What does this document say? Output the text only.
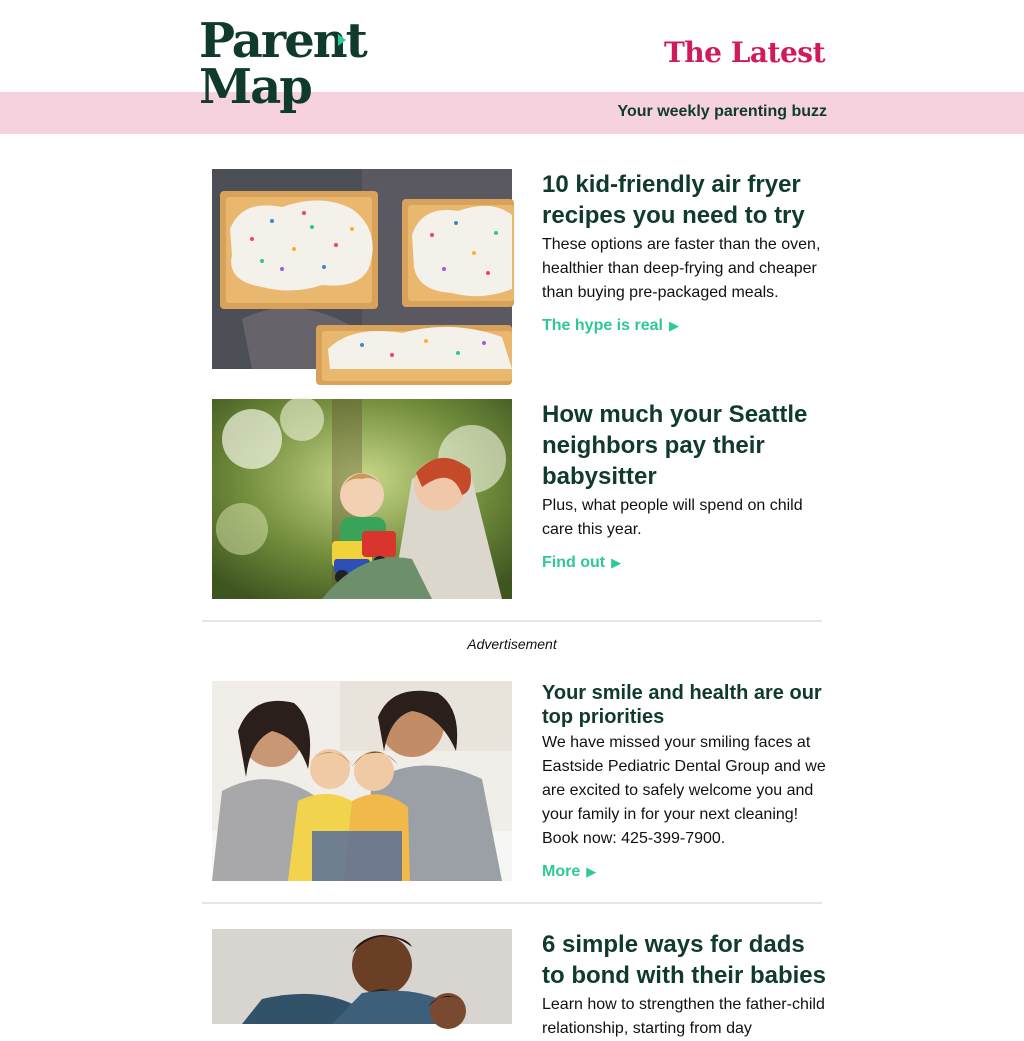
Parent
Map
The Latest
Your weekly parenting buzz
10 kid-friendly air fryer recipes you need to try
These options are faster than the oven, healthier than deep-frying and cheaper than buying pre-packaged meals.
The hype is real ▶
How much your Seattle neighbors pay their babysitter
Plus, what people will spend on child care this year.
Find out ▶
Advertisement
Your smile and health are our top priorities
We have missed your smiling faces at Eastside Pediatric Dental Group and we are excited to safely welcome you and your family in for your next cleaning! Book now: 425-399-7900.
More ▶
6 simple ways for dads to bond with their babies
Learn how to strengthen the father-child relationship, starting from day
